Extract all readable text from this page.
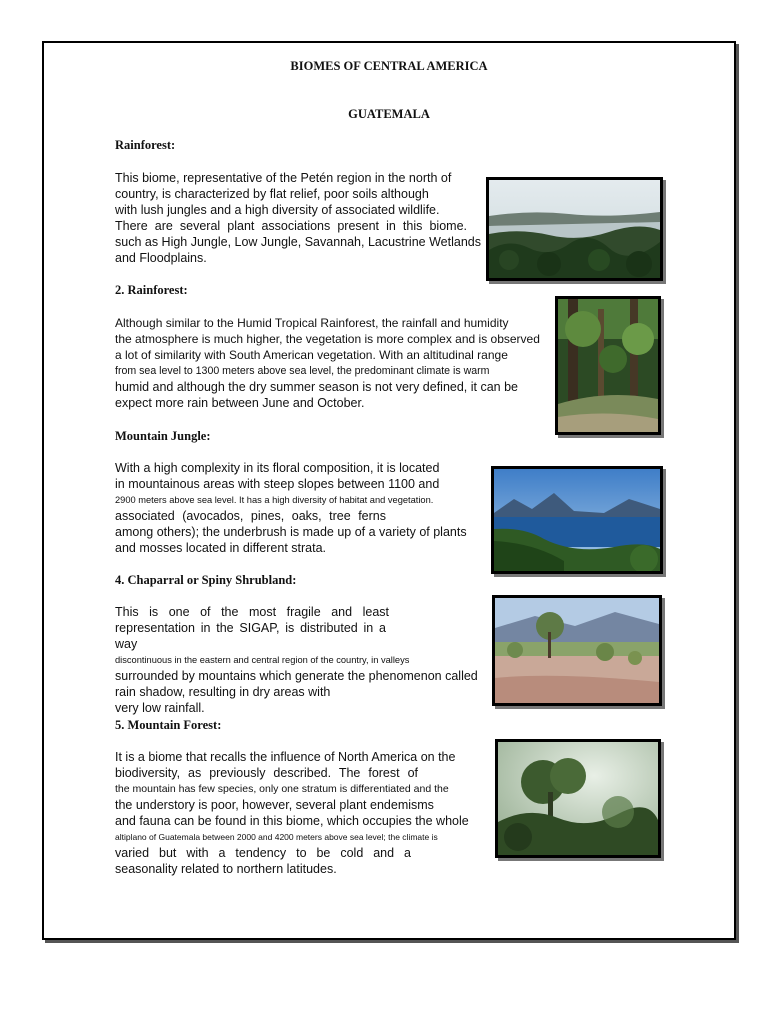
BIOMES OF CENTRAL AMERICA

GUATEMALA

Rainforest:

This biome, representative of the Petén region in the north of
country, is characterized by flat relief, poor soils although
with lush jungles and a high diversity of associated wildlife.
There are several plant associations present in this biome.
such as High Jungle, Low Jungle, Savannah, Lacustrine Wetlands
and Floodplains.

2. Rainforest:

Although similar to the Humid Tropical Rainforest, the rainfall and humidity
the atmosphere is much higher, the vegetation is more complex and is observed
a lot of similarity with South American vegetation. With an altitudinal range
from sea level to 1300 meters above sea level, the predominant climate is warm
humid and although the dry summer season is not very defined, it can be
expect more rain between June and October.

Mountain Jungle:

With a high complexity in its floral composition, it is located
in mountainous areas with steep slopes between 1100 and
2900 meters above sea level. It has a high diversity of habitat and vegetation.
associated (avocados, pines, oaks, tree ferns
among others); the underbrush is made up of a variety of plants
and mosses located in different strata.

4. Chaparral or Spiny Shrubland:

This is one of the most fragile and least
representation in the SIGAP, is distributed in a way
discontinuous in the eastern and central region of the country, in valleys
surrounded by mountains which generate the phenomenon called
rain shadow, resulting in dry areas with
very low rainfall.

5. Mountain Forest:

It is a biome that recalls the influence of North America on the
biodiversity, as previously described. The forest of
the mountain has few species, only one stratum is differentiated and the
the understory is poor, however, several plant endemisms
and fauna can be found in this biome, which occupies the whole
altiplano of Guatemala between 2000 and 4200 meters above sea level; the climate is
varied but with a tendency to be cold and a
seasonality related to northern latitudes.
